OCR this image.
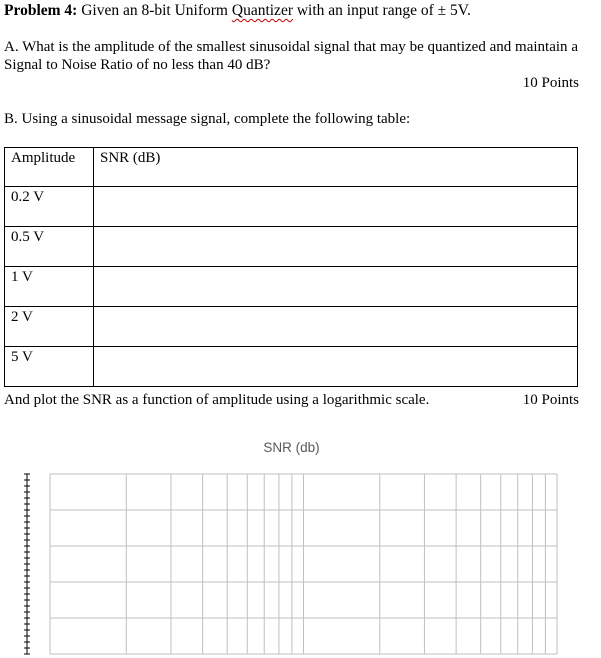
Problem 4: Given an 8-bit Uniform Quantizer with an input range of ± 5V.
A. What is the amplitude of the smallest sinusoidal signal that may be quantized and maintain a Signal to Noise Ratio of no less than 40 dB?
10 Points
B. Using a sinusoidal message signal, complete the following table:
Amplitude	SNR (dB)
0.2 V	
0.5 V	
1 V	
2 V	
5 V	
And plot the SNR as a function of amplitude using a logarithmic scale.	10 Points
SNR (db)
